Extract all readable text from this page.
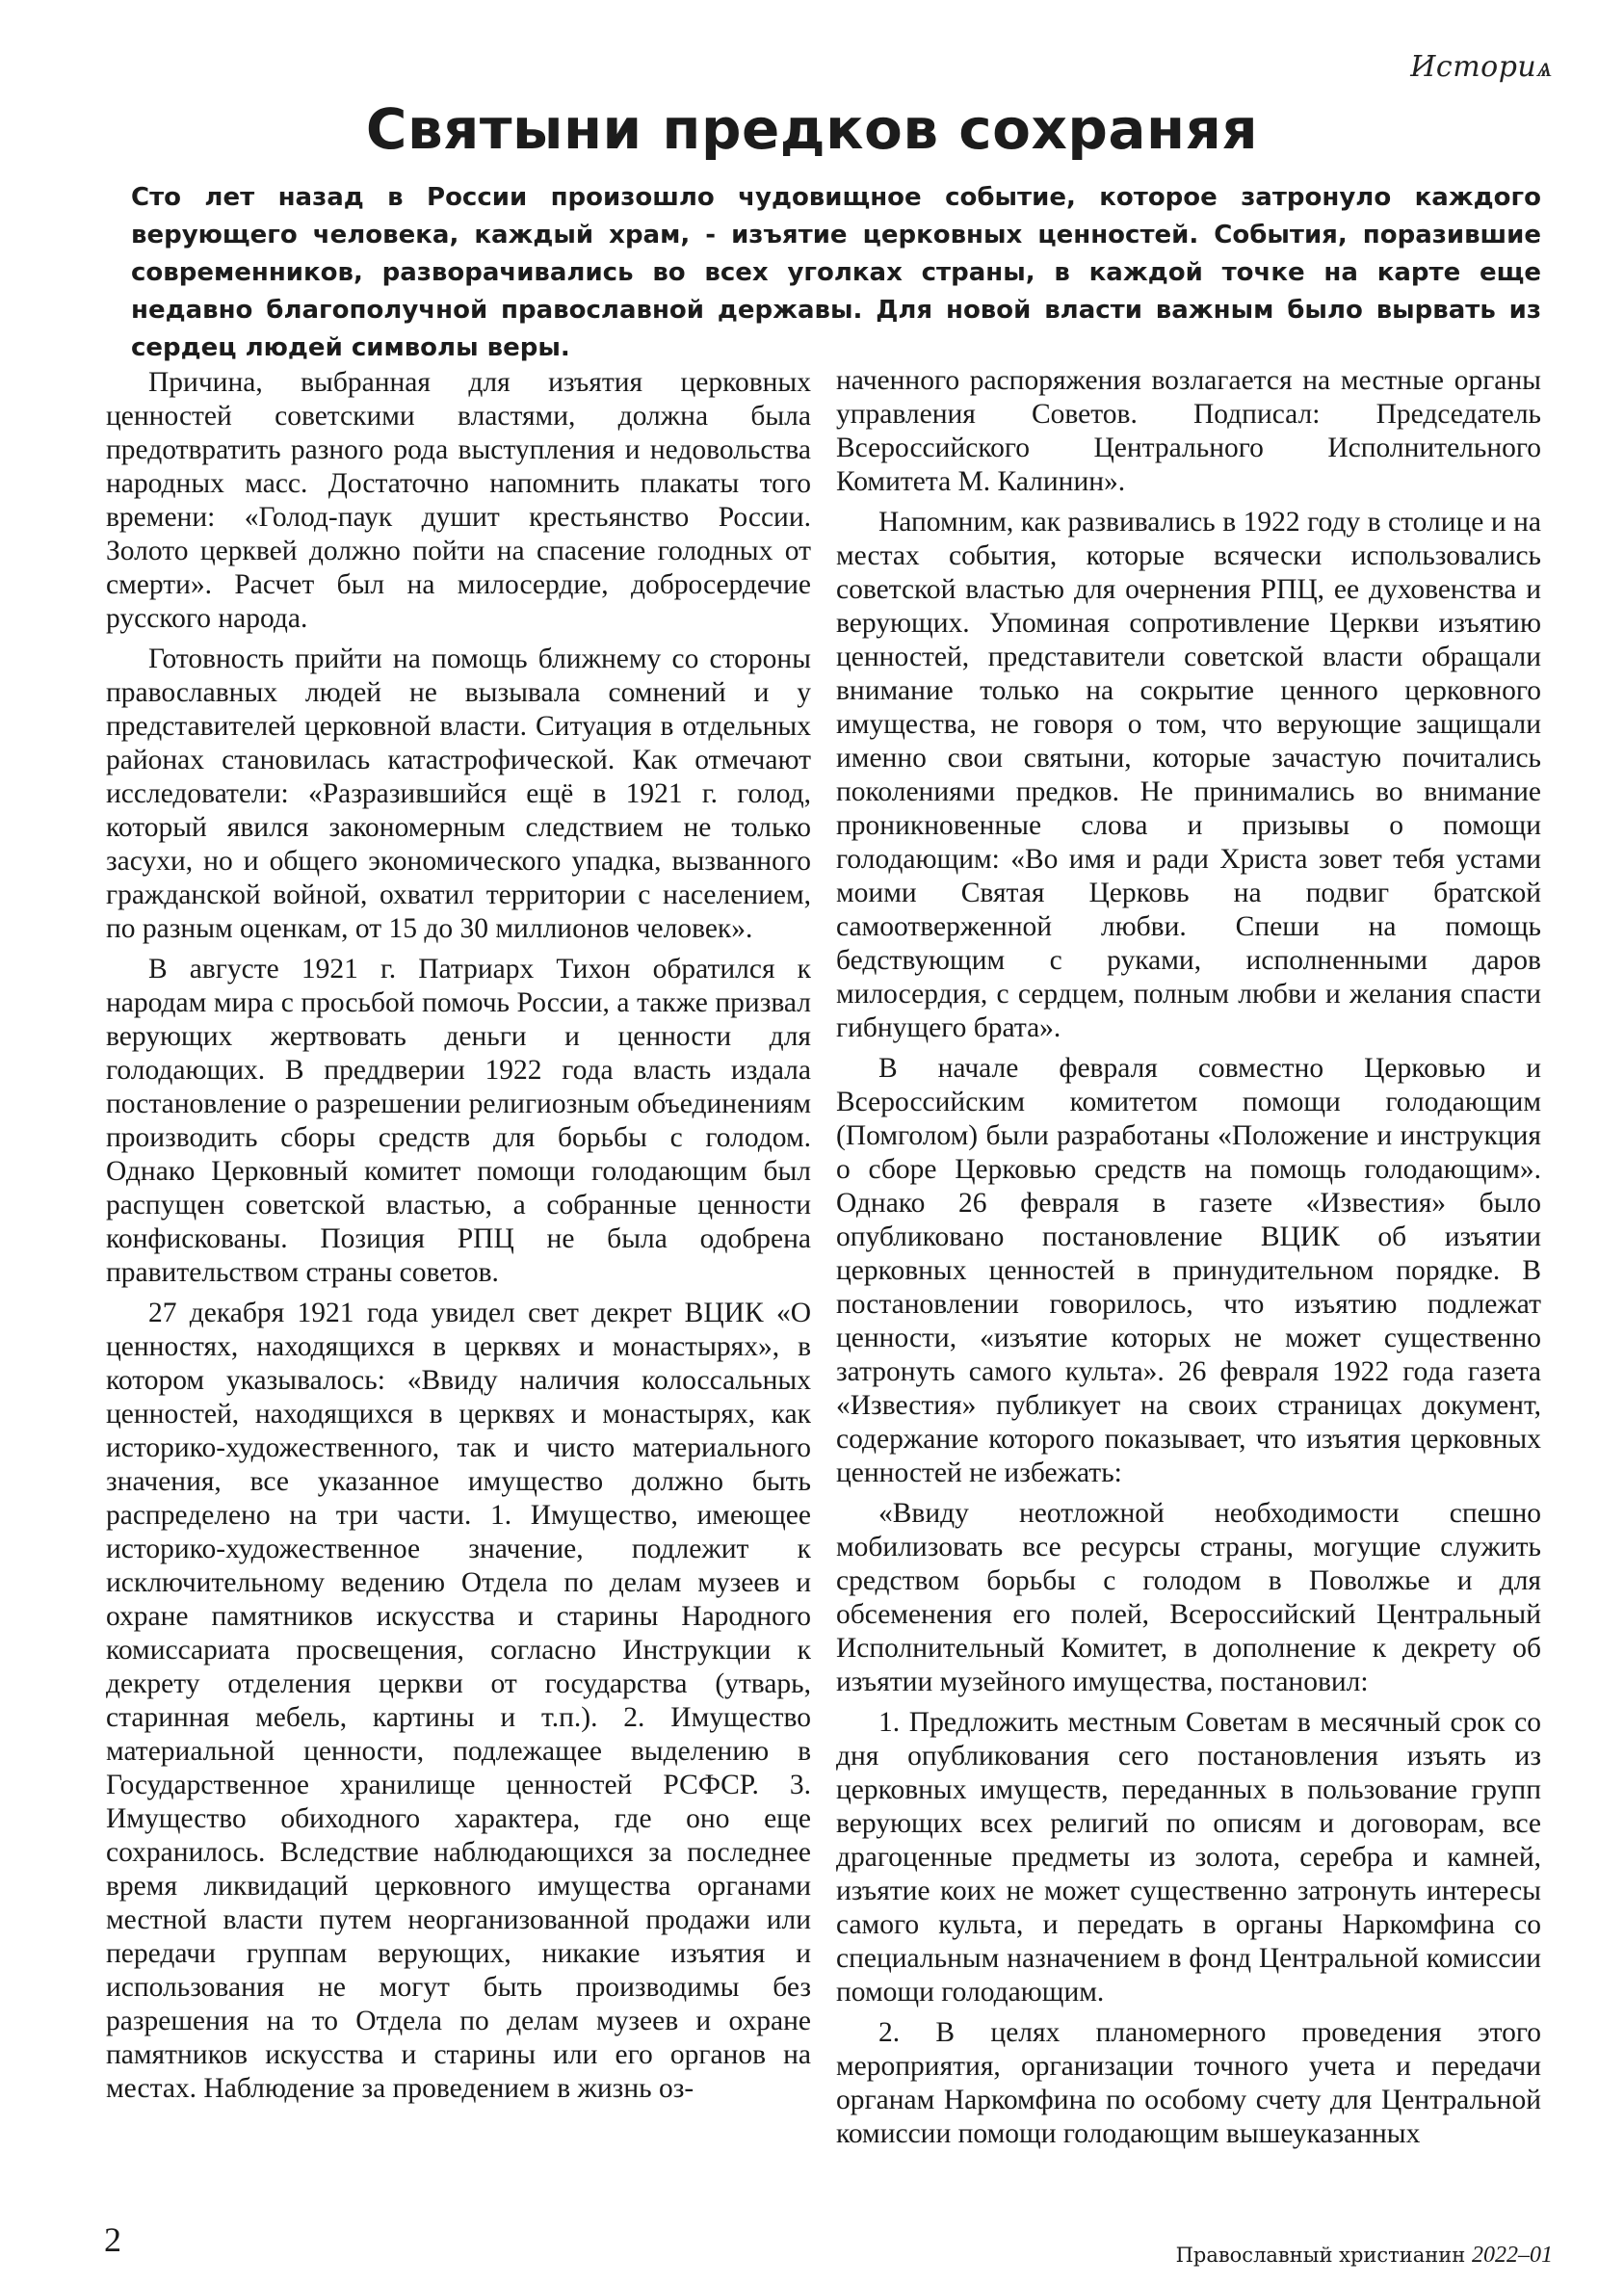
Историѧ
Святыни предков сохраняя

Сто лет назад в России произошло чудовищное событие, которое затронуло каждого верующего человека, каждый храм, - изъятие церковных ценностей. События, поразившие современников, разворачивались во всех уголках страны, в каждой точке на карте еще недавно благополучной православной державы. Для новой власти важным было вырвать из сердец людей символы веры.

Причина, выбранная для изъятия церковных ценностей советскими властями, должна была предотвратить разного рода выступления и недовольства народных масс. Достаточно напомнить плакаты того времени: «Голод-паук душит крестьянство России. Золото церквей должно пойти на спасение голодных от смерти». Расчет был на милосердие, добросердечие русского народа.

Готовность прийти на помощь ближнему со стороны православных людей не вызывала сомнений и у представителей церковной власти. Ситуация в отдельных районах становилась катастрофической. Как отмечают исследователи: «Разразившийся ещё в 1921 г. голод, который явился закономерным следствием не только засухи, но и общего экономического упадка, вызванного гражданской войной, охватил территории с населением, по разным оценкам, от 15 до 30 миллионов человек».

В августе 1921 г. Патриарх Тихон обратился к народам мира с просьбой помочь России, а также призвал верующих жертвовать деньги и ценности для голодающих. В преддверии 1922 года власть издала постановление о разрешении религиозным объединениям производить сборы средств для борьбы с голодом. Однако Церковный комитет помощи голодающим был распущен советской властью, а собранные ценности конфискованы. Позиция РПЦ не была одобрена правительством страны советов.

27 декабря 1921 года увидел свет декрет ВЦИК «О ценностях, находящихся в церквях и монастырях», в котором указывалось: «Ввиду наличия колоссальных ценностей, находящихся в церквях и монастырях, как историко-художественного, так и чисто материального значения, все указанное имущество должно быть распределено на три части. 1. Имущество, имеющее историко-художественное значение, подлежит к исключительному ведению Отдела по делам музеев и охране памятников искусства и старины Народного комиссариата просвещения, согласно Инструкции к декрету отделения церкви от государства (утварь, старинная мебель, картины и т.п.). 2. Имущество материальной ценности, подлежащее выделению в Государственное хранилище ценностей РСФСР. 3. Имущество обиходного характера, где оно еще сохранилось. Вследствие наблюдающихся за последнее время ликвидаций церковного имущества органами местной власти путем неорганизованной продажи или передачи группам верующих, никакие изъятия и использования не могут быть производимы без разрешения на то Отдела по делам музеев и охране памятников искусства и старины или его органов на местах. Наблюдение за проведением в жизнь оз-

наченного распоряжения возлагается на местные органы управления Советов. Подписал: Председатель Всероссийского Центрального Исполнительного Комитета М. Калинин».

Напомним, как развивались в 1922 году в столице и на местах события, которые всячески использовались советской властью для очернения РПЦ, ее духовенства и верующих. Упоминая сопротивление Церкви изъятию ценностей, представители советской власти обращали внимание только на сокрытие ценного церковного имущества, не говоря о том, что верующие защищали именно свои святыни, которые зачастую почитались поколениями предков. Не принимались во внимание проникновенные слова и призывы о помощи голодающим: «Во имя и ради Христа зовет тебя устами моими Святая Церковь на подвиг братской самоотверженной любви. Спеши на помощь бедствующим с руками, исполненными даров милосердия, с сердцем, полным любви и желания спасти гибнущего брата».

В начале февраля совместно Церковью и Всероссийским комитетом помощи голодающим (Помголом) были разработаны «Положение и инструкция о сборе Церковью средств на помощь голодающим». Однако 26 февраля в газете «Известия» было опубликовано постановление ВЦИК об изъятии церковных ценностей в принудительном порядке. В постановлении говорилось, что изъятию подлежат ценности, «изъятие которых не может существенно затронуть самого культа». 26 февраля 1922 года газета «Известия» публикует на своих страницах документ, содержание которого показывает, что изъятия церковных ценностей не избежать:

«Ввиду неотложной необходимости спешно мобилизовать все ресурсы страны, могущие служить средством борьбы с голодом в Поволжье и для обсеменения его полей, Всероссийский Центральный Исполнительный Комитет, в дополнение к декрету об изъятии музейного имущества, постановил:

1. Предложить местным Советам в месячный срок со дня опубликования сего постановления изъять из церковных имуществ, переданных в пользование групп верующих всех религий по описям и договорам, все драгоценные предметы из золота, серебра и камней, изъятие коих не может существенно затронуть интересы самого культа, и передать в органы Наркомфина со специальным назначением в фонд Центральной комиссии помощи голодающим.

2. В целях планомерного проведения этого мероприятия, организации точного учета и передачи органам Наркомфина по особому счету для Центральной комиссии помощи голодающим вышеуказанных

2	Православный христианин 2022–01
